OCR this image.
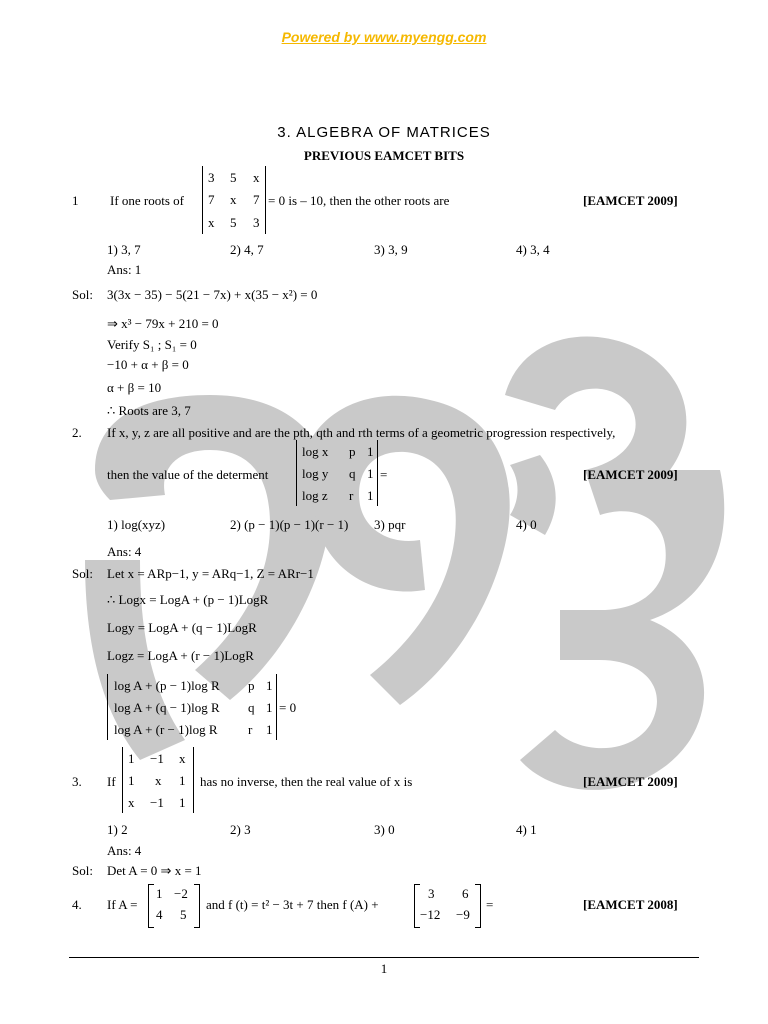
Powered by www.myengg.com
3. ALGEBRA OF MATRICES
PREVIOUS EAMCET BITS
1 If one roots of
3 5 x
7 x 7
x 5 3
= 0 is – 10, then the other roots are	[EAMCET 2009]
1) 3, 7	2) 4, 7	3) 3, 9	4) 3, 4
Ans: 1
Sol: 3(3x − 35) − 5(21 − 7x) + x(35 − x²) = 0
⇒ x³ − 79x + 210 = 0
Verify S₁ ; S₁ = 0
−10 + α + β = 0
α + β = 10
∴ Roots are 3, 7
2. If x, y, z are all positive and are the pth, qth and rth terms of a geometric progression respectively,
then the value of the determent
log x p 1
log y q 1
log z r 1
=	[EAMCET 2009]
1) log(xyz)	2) (p − 1)(p − 1)(r − 1) 3) pqr	4) 0
Ans: 4
Sol: Let x = ARp−1, y = ARq−1, Z = ARr−1
∴ Logx = LogA + (p − 1)LogR
Logy = LogA + (q − 1)LogR
Logz = LogA + (r − 1)LogR
log A + (p − 1)log R p 1
log A + (q − 1)log R q 1
log A + (r − 1)log R r 1
= 0
3. If
1 −1 x
1 x 1
x −1 1
has no inverse, then the real value of x is	[EAMCET 2009]
1) 2	2) 3	3) 0	4) 1
Ans: 4
Sol: Det A = 0 ⇒ x = 1
4. If A =
1 −2
4 5
and f (t) = t² − 3t + 7 then f (A) +
3 6
−12 −9
=	[EAMCET 2008]
1
